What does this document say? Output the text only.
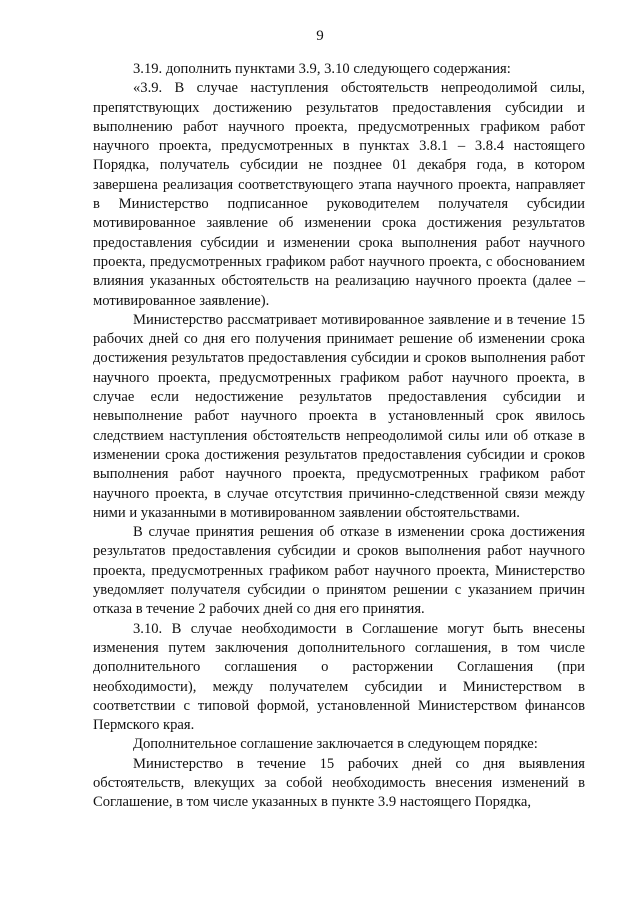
9

3.19. дополнить пунктами 3.9, 3.10 следующего содержания:

«3.9. В случае наступления обстоятельств непреодолимой силы, препятствующих достижению результатов предоставления субсидии и выполнению работ научного проекта, предусмотренных графиком работ научного проекта, предусмотренных в пунктах 3.8.1 – 3.8.4 настоящего Порядка, получатель субсидии не позднее 01 декабря года, в котором завершена реализация соответствующего этапа научного проекта, направляет в Министерство подписанное руководителем получателя субсидии мотивированное заявление об изменении срока достижения результатов предоставления субсидии и изменении срока выполнения работ научного проекта, предусмотренных графиком работ научного проекта, с обоснованием влияния указанных обстоятельств на реализацию научного проекта (далее – мотивированное заявление).

Министерство рассматривает мотивированное заявление и в течение 15 рабочих дней со дня его получения принимает решение об изменении срока достижения результатов предоставления субсидии и сроков выполнения работ научного проекта, предусмотренных графиком работ научного проекта, в случае если недостижение результатов предоставления субсидии и невыполнение работ научного проекта в установленный срок явилось следствием наступления обстоятельств непреодолимой силы или об отказе в изменении срока достижения результатов предоставления субсидии и сроков выполнения работ научного проекта, предусмотренных графиком работ научного проекта, в случае отсутствия причинно-следственной связи между ними и указанными в мотивированном заявлении обстоятельствами.

В случае принятия решения об отказе в изменении срока достижения результатов предоставления субсидии и сроков выполнения работ научного проекта, предусмотренных графиком работ научного проекта, Министерство уведомляет получателя субсидии о принятом решении с указанием причин отказа в течение 2 рабочих дней со дня его принятия.

3.10. В случае необходимости в Соглашение могут быть внесены изменения путем заключения дополнительного соглашения, в том числе дополнительного соглашения о расторжении Соглашения (при необходимости), между получателем субсидии и Министерством в соответствии с типовой формой, установленной Министерством финансов Пермского края.

Дополнительное соглашение заключается в следующем порядке:

Министерство в течение 15 рабочих дней со дня выявления обстоятельств, влекущих за собой необходимость внесения изменений в Соглашение, в том числе указанных в пункте 3.9 настоящего Порядка,
